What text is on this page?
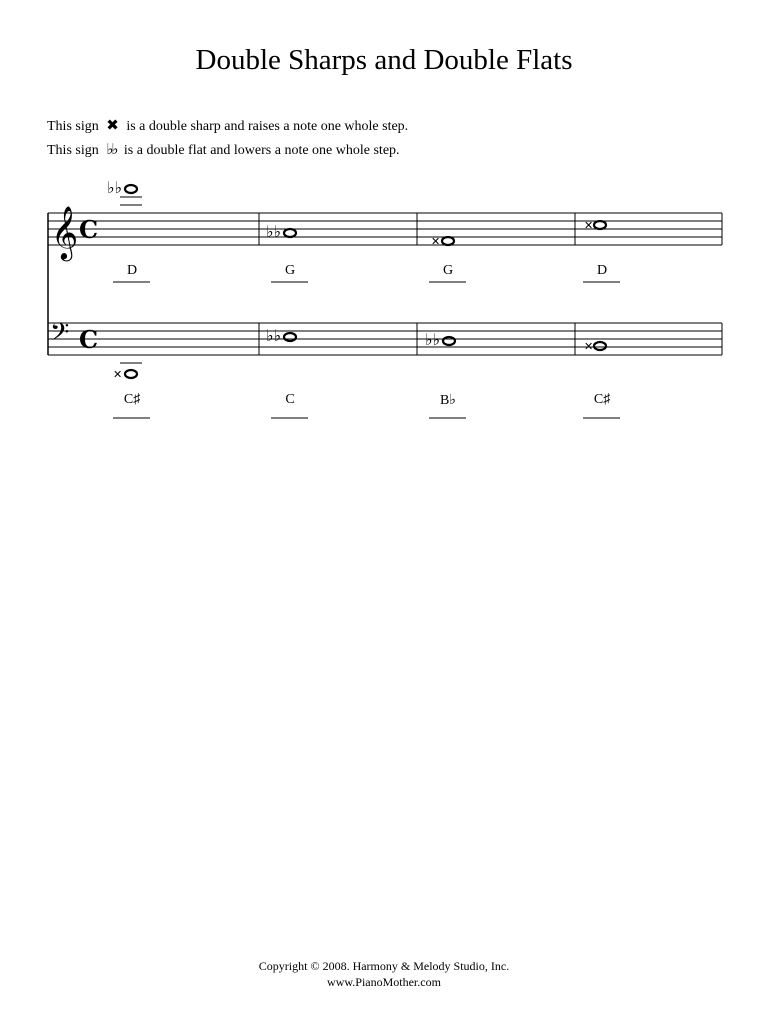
Double Sharps and Double Flats
This sign ✖ is a double sharp and raises a note one whole step.
This sign ♭♭ is a double flat and lowers a note one whole step.
𝄞 C
𝄢 C
♭♭
♭♭
✕
✕
✕
♭♭	♭♭	✕
D	G	G	D
C♯	C	B♭	C♯
Copyright © 2008. Harmony & Melody Studio, Inc.
www.PianoMother.com
